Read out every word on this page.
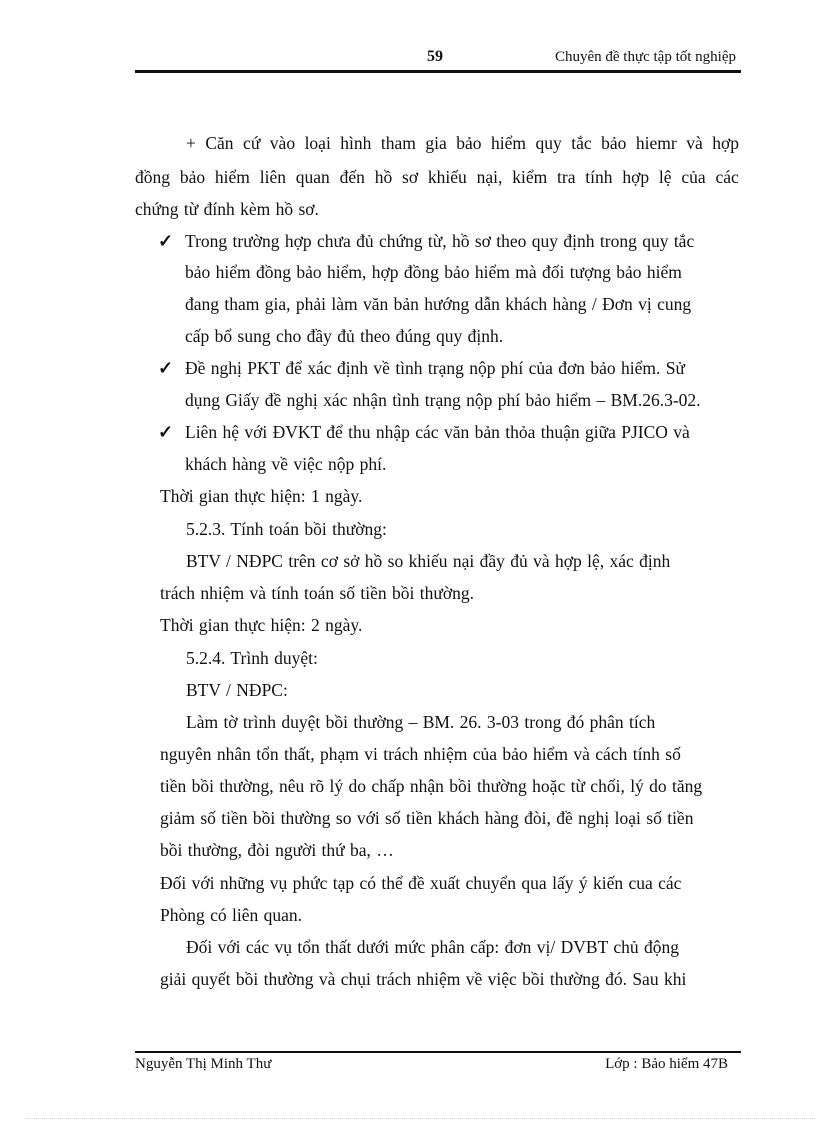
59	Chuyên đề thực tập tốt nghiệp
+ Căn cứ vào loại hình tham gia bảo hiểm quy tắc bảo hiemr và hợp
đồng bảo hiểm liên quan đến hồ sơ khiếu nại, kiểm tra tính hợp lệ của các
chứng từ đính kèm hồ sơ.
✓ Trong trường hợp chưa đủ chứng từ, hồ sơ theo quy định trong quy tắc
bảo hiểm đồng bảo hiểm, hợp đồng bảo hiểm mà đối tượng bảo hiểm
đang tham gia, phải làm văn bản hướng dẫn khách hàng / Đơn vị cung
cấp bổ sung cho đầy đủ theo đúng quy định.
✓ Đề nghị PKT để xác định về tình trạng nộp phí của đơn bảo hiểm. Sử
dụng Giấy đề nghị xác nhận tình trạng nộp phí bảo hiểm – BM.26.3-02.
✓ Liên hệ với ĐVKT để thu nhập các văn bản thỏa thuận giữa PJICO và
khách hàng về việc nộp phí.
Thời gian thực hiện: 1 ngày.
5.2.3. Tính toán bồi thường:
BTV / NĐPC trên cơ sở hồ so khiếu nại đầy đủ và hợp lệ, xác định
trách nhiệm và tính toán số tiền bồi thường.
Thời gian thực hiện: 2 ngày.
5.2.4. Trình duyệt:
BTV / NĐPC:
Làm tờ trình duyệt bồi thường – BM. 26. 3-03 trong đó phân tích
nguyên nhân tổn thất, phạm vi trách nhiệm của bảo hiểm và cách tính số
tiền bồi thường, nêu rõ lý do chấp nhận bồi thường hoặc từ chối, lý do tăng
giảm số tiền bồi thường so với số tiền khách hàng đòi, đề nghị loại số tiền
bồi thường, đòi người thứ ba, …
Đối với những vụ phức tạp có thể đề xuất chuyển qua lấy ý kiến cua các
Phòng có liên quan.
Đối với các vụ tổn thất dưới mức phân cấp: đơn vị/ DVBT chủ động
giải quyết bồi thường và chụi trách nhiệm về việc bồi thường đó. Sau khi
Nguyễn Thị Minh Thư	Lớp : Bảo hiểm 47B
